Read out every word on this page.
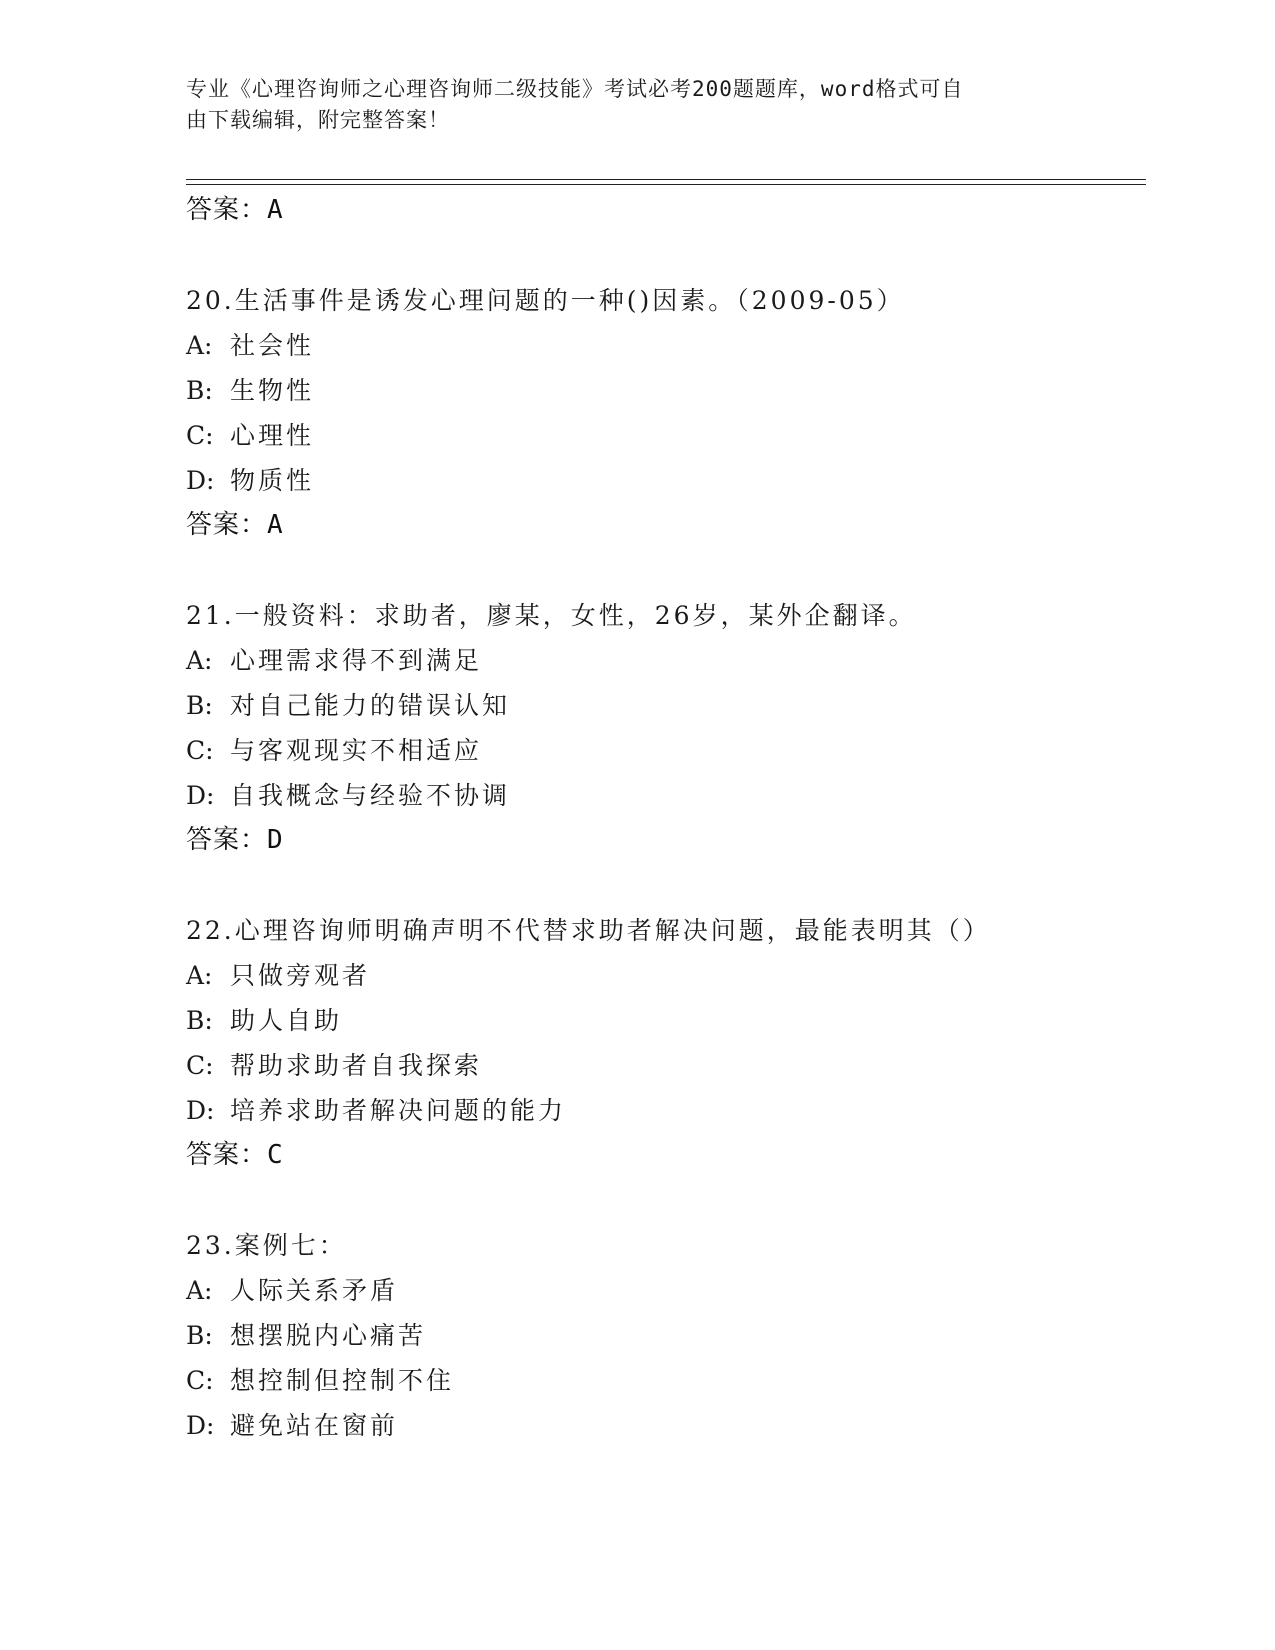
专业《心理咨询师之心理咨询师二级技能》考试必考200题题库，word格式可自
由下载编辑，附完整答案！
答案：A
20.生活事件是诱发心理问题的一种()因素。（2009-05）
A: 社会性
B: 生物性
C: 心理性
D: 物质性
答案：A
21.一般资料：求助者，廖某，女性，26岁，某外企翻译。
A: 心理需求得不到满足
B: 对自己能力的错误认知
C: 与客观现实不相适应
D: 自我概念与经验不协调
答案：D
22.心理咨询师明确声明不代替求助者解决问题，最能表明其（）
A: 只做旁观者
B: 助人自助
C: 帮助求助者自我探索
D: 培养求助者解决问题的能力
答案：C
23.案例七：
A: 人际关系矛盾
B: 想摆脱内心痛苦
C: 想控制但控制不住
D: 避免站在窗前
